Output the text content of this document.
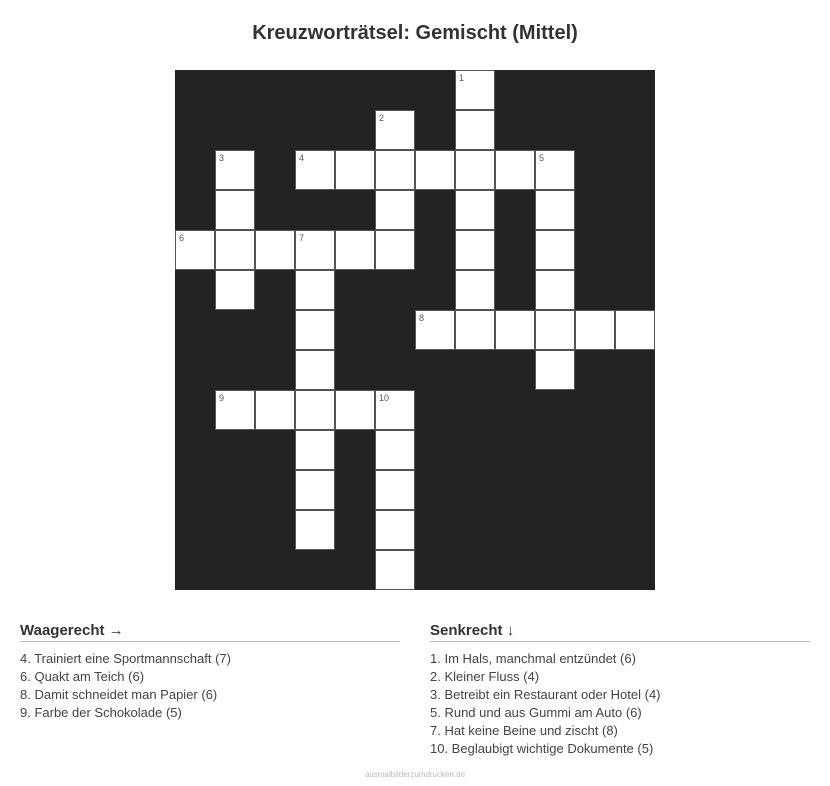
Kreuzworträtsel: Gemischt (Mittel)
1
2
3	4	5
6	7
8
9	10
Waagerecht →
4. Trainiert eine Sportmannschaft (7)
6. Quakt am Teich (6)
8. Damit schneidet man Papier (6)
9. Farbe der Schokolade (5)
Senkrecht ↓
1. Im Hals, manchmal entzündet (6)
2. Kleiner Fluss (4)
3. Betreibt ein Restaurant oder Hotel (4)
5. Rund und aus Gummi am Auto (6)
7. Hat keine Beine und zischt (8)
10. Beglaubigt wichtige Dokumente (5)
ausmalbilderzumdrucken.de
